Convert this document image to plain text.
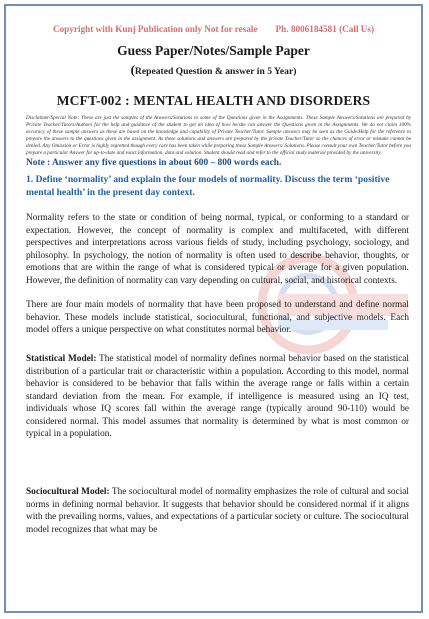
Copyright with Kunj Publication only Not for resale Ph. 8006184581 (Call Us)
Guess Paper/Notes/Sample Paper
(Repeated Question & answer in 5 Year)
MCFT-002 : MENTAL HEALTH AND DISORDERS
Disclaimer/Special Note: These are just the samples of the Answers/Solutions to some of the Questions given in the Assignments. These Sample Answers/Solutions are prepared by Private Teacher/Tutors/Authors for the help and guidance of the student to get an idea of how he/she can answer the Questions given in the Assignments. We do not claim 100% accuracy of these sample answers as these are based on the knowledge and capability of Private Teacher/Tutor. Sample answers may be seen as the Guide/Help for the reference to prepare the answers to the questions given in the assignment. As these solutions and answers are prepared by the private Teacher/Tutor so the chances of error or mistake cannot be denied. Any Omission or Error is highly regretted though every care has been taken while preparing these Sample Answers/ Solutions. Please consult your own Teacher/Tutor before you prepare a particular Answer for up-to-date and exact information, data and solution. Student should read and refer to the official study material provided by the university
Note : Answer any five questions in about 600 – 800 words each.
1. Define ‘normality’ and explain the four models of normality. Discuss the term ‘positive mental health’ in the present day context.
Normality refers to the state or condition of being normal, typical, or conforming to a standard or expectation. However, the concept of normality is complex and multifaceted, with different perspectives and interpretations across various fields of study, including psychology, sociology, and philosophy. In psychology, the notion of normality is often used to describe behavior, thoughts, or emotions that are within the range of what is considered typical or average for a given population. However, the definition of normality can vary depending on cultural, social, and historical contexts.
There are four main models of normality that have been proposed to understand and define normal behavior. These models include statistical, sociocultural, functional, and subjective models. Each model offers a unique perspective on what constitutes normal behavior.
Statistical Model: The statistical model of normality defines normal behavior based on the statistical distribution of a particular trait or characteristic within a population. According to this model, normal behavior is considered to be behavior that falls within the average range or falls within a certain standard deviation from the mean. For example, if intelligence is measured using an IQ test, individuals whose IQ scores fall within the average range (typically around 90-110) would be considered normal. This model assumes that normality is determined by what is most common or typical in a population.
Sociocultural Model: The sociocultural model of normality emphasizes the role of cultural and social norms in defining normal behavior. It suggests that behavior should be considered normal if it aligns with the prevailing norms, values, and expectations of a particular society or culture. The sociocultural model recognizes that what may be
